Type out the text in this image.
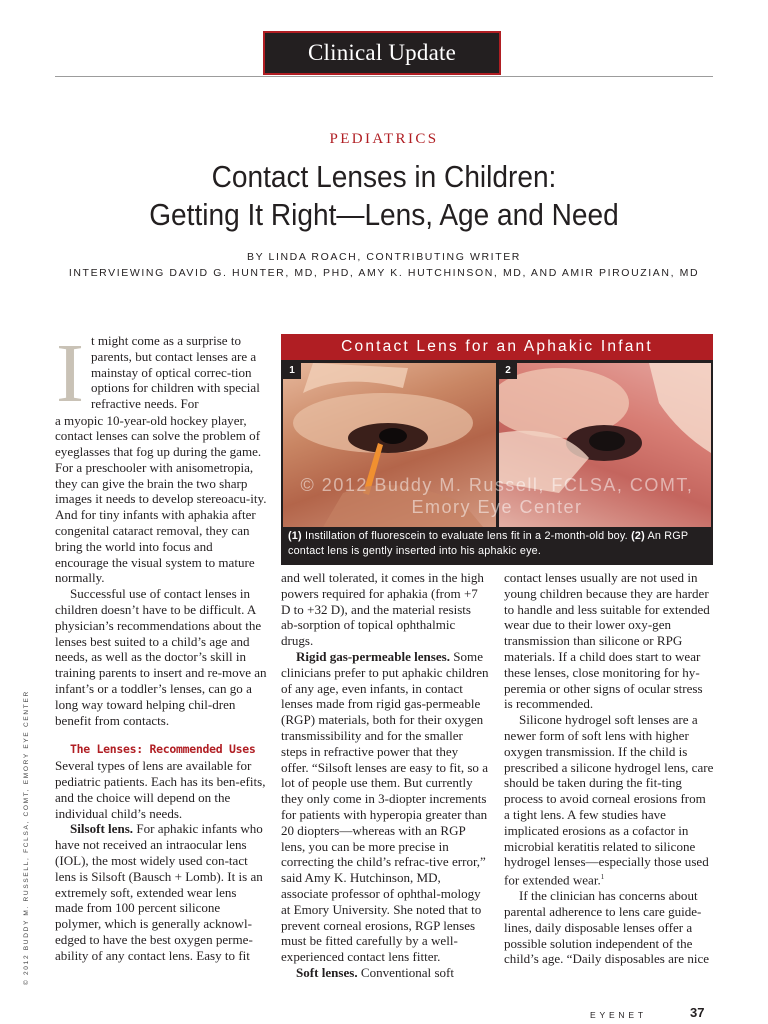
Clinical Update
PEDIATRICS
Contact Lenses in Children:
Getting It Right—Lens, Age and Need
BY LINDA ROACH, CONTRIBUTING WRITER
INTERVIEWING DAVID G. HUNTER, MD, PHD, AMY K. HUTCHINSON, MD, AND AMIR PIROUZIAN, MD
I t might come as a surprise to parents, but contact lenses are a mainstay of optical correc-tion options for children with special refractive needs. For

a myopic 10-year-old hockey player, contact lenses can solve the problem of eyeglasses that fog up during the game. For a preschooler with anisometropia, they can give the brain the two sharp images it needs to develop stereoacu-ity. And for tiny infants with aphakia after congenital cataract removal, they can bring the world into focus and encourage the visual system to mature normally.

Successful use of contact lenses in children doesn’t have to be difficult. A physician’s recommendations about the lenses best suited to a child’s age and needs, as well as the doctor’s skill in training parents to insert and re-move an infant’s or a toddler’s lenses, can go a long way toward helping chil-dren benefit from contacts.

The Lenses: Recommended Uses

Several types of lens are available for pediatric patients. Each has its ben-efits, and the choice will depend on the individual child’s needs.

Silsoft lens. For aphakic infants who have not received an intraocular lens (IOL), the most widely used con-tact lens is Silsoft (Bausch + Lomb). It is an extremely soft, extended wear lens made from 100 percent silicone polymer, which is generally acknowl-edged to have the best oxygen perme-ability of any contact lens. Easy to fit

Contact Lens for an Aphakic Infant
1	2
© 2012 Buddy M. Russell, FCLSA, COMT,
Emory Eye Center
(1) Instillation of fluorescein to evaluate lens fit in a 2-month-old boy. (2) An RGP contact lens is gently inserted into his aphakic eye.

and well tolerated, it comes in the high powers required for aphakia (from +7 D to +32 D), and the material resists ab-sorption of topical ophthalmic drugs.

Rigid gas-permeable lenses. Some clinicians prefer to put aphakic children of any age, even infants, in contact lenses made from rigid gas-permeable (RGP) materials, both for their oxygen transmissibility and for the smaller steps in refractive power that they offer. “Silsoft lenses are easy to fit, so a lot of people use them. But currently they only come in 3-diopter increments for patients with hyperopia greater than 20 diopters—whereas with an RGP lens, you can be more precise in correcting the child’s refrac-tive error,” said Amy K. Hutchinson, MD, associate professor of ophthal-mology at Emory University. She noted that to prevent corneal erosions, RGP lenses must be fitted carefully by a well-experienced contact lens fitter.

Soft lenses. Conventional soft

contact lenses usually are not used in young children because they are harder to handle and less suitable for extended wear due to their lower oxy-gen transmission than silicone or RPG materials. If a child does start to wear these lenses, close monitoring for hy-peremia or other signs of ocular stress is recommended.

Silicone hydrogel soft lenses are a newer form of soft lens with higher oxygen transmission. If the child is prescribed a silicone hydrogel lens, care should be taken during the fit-ting process to avoid corneal erosions from a tight lens. A few studies have implicated erosions as a cofactor in microbial keratitis related to silicone hydrogel lenses—especially those used for extended wear.$^1$

If the clinician has concerns about parental adherence to lens care guide-lines, daily disposable lenses offer a possible solution independent of the child’s age. “Daily disposables are nice

© 2012 BUDDY M. RUSSELL, FCLSA, COMT, EMORY EYE CENTER
EYENET	37
